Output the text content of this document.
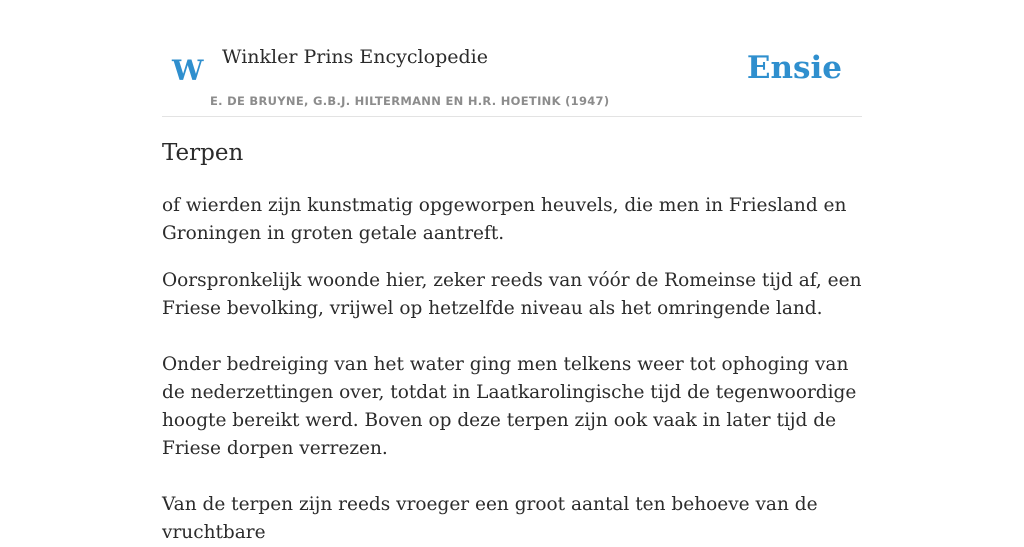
W Winkler Prins Encyclopedie
E. DE BRUYNE, G.B.J. HILTERMANN EN H.R. HOETINK (1947)
Ensie
Terpen

of wierden zijn kunstmatig opgeworpen heuvels, die men in Friesland en Groningen in groten getale aantreft.

Oorspronkelijk woonde hier, zeker reeds van vóór de Romeinse tijd af, een Friese bevolking, vrijwel op hetzelfde niveau als het omringende land.

Onder bedreiging van het water ging men telkens weer tot ophoging van de nederzettingen over, totdat in Laatkarolingische tijd de tegenwoordige hoogte bereikt werd. Boven op deze terpen zijn ook vaak in later tijd de Friese dorpen verrezen.

Van de terpen zijn reeds vroeger een groot aantal ten behoeve van de vruchtbare
